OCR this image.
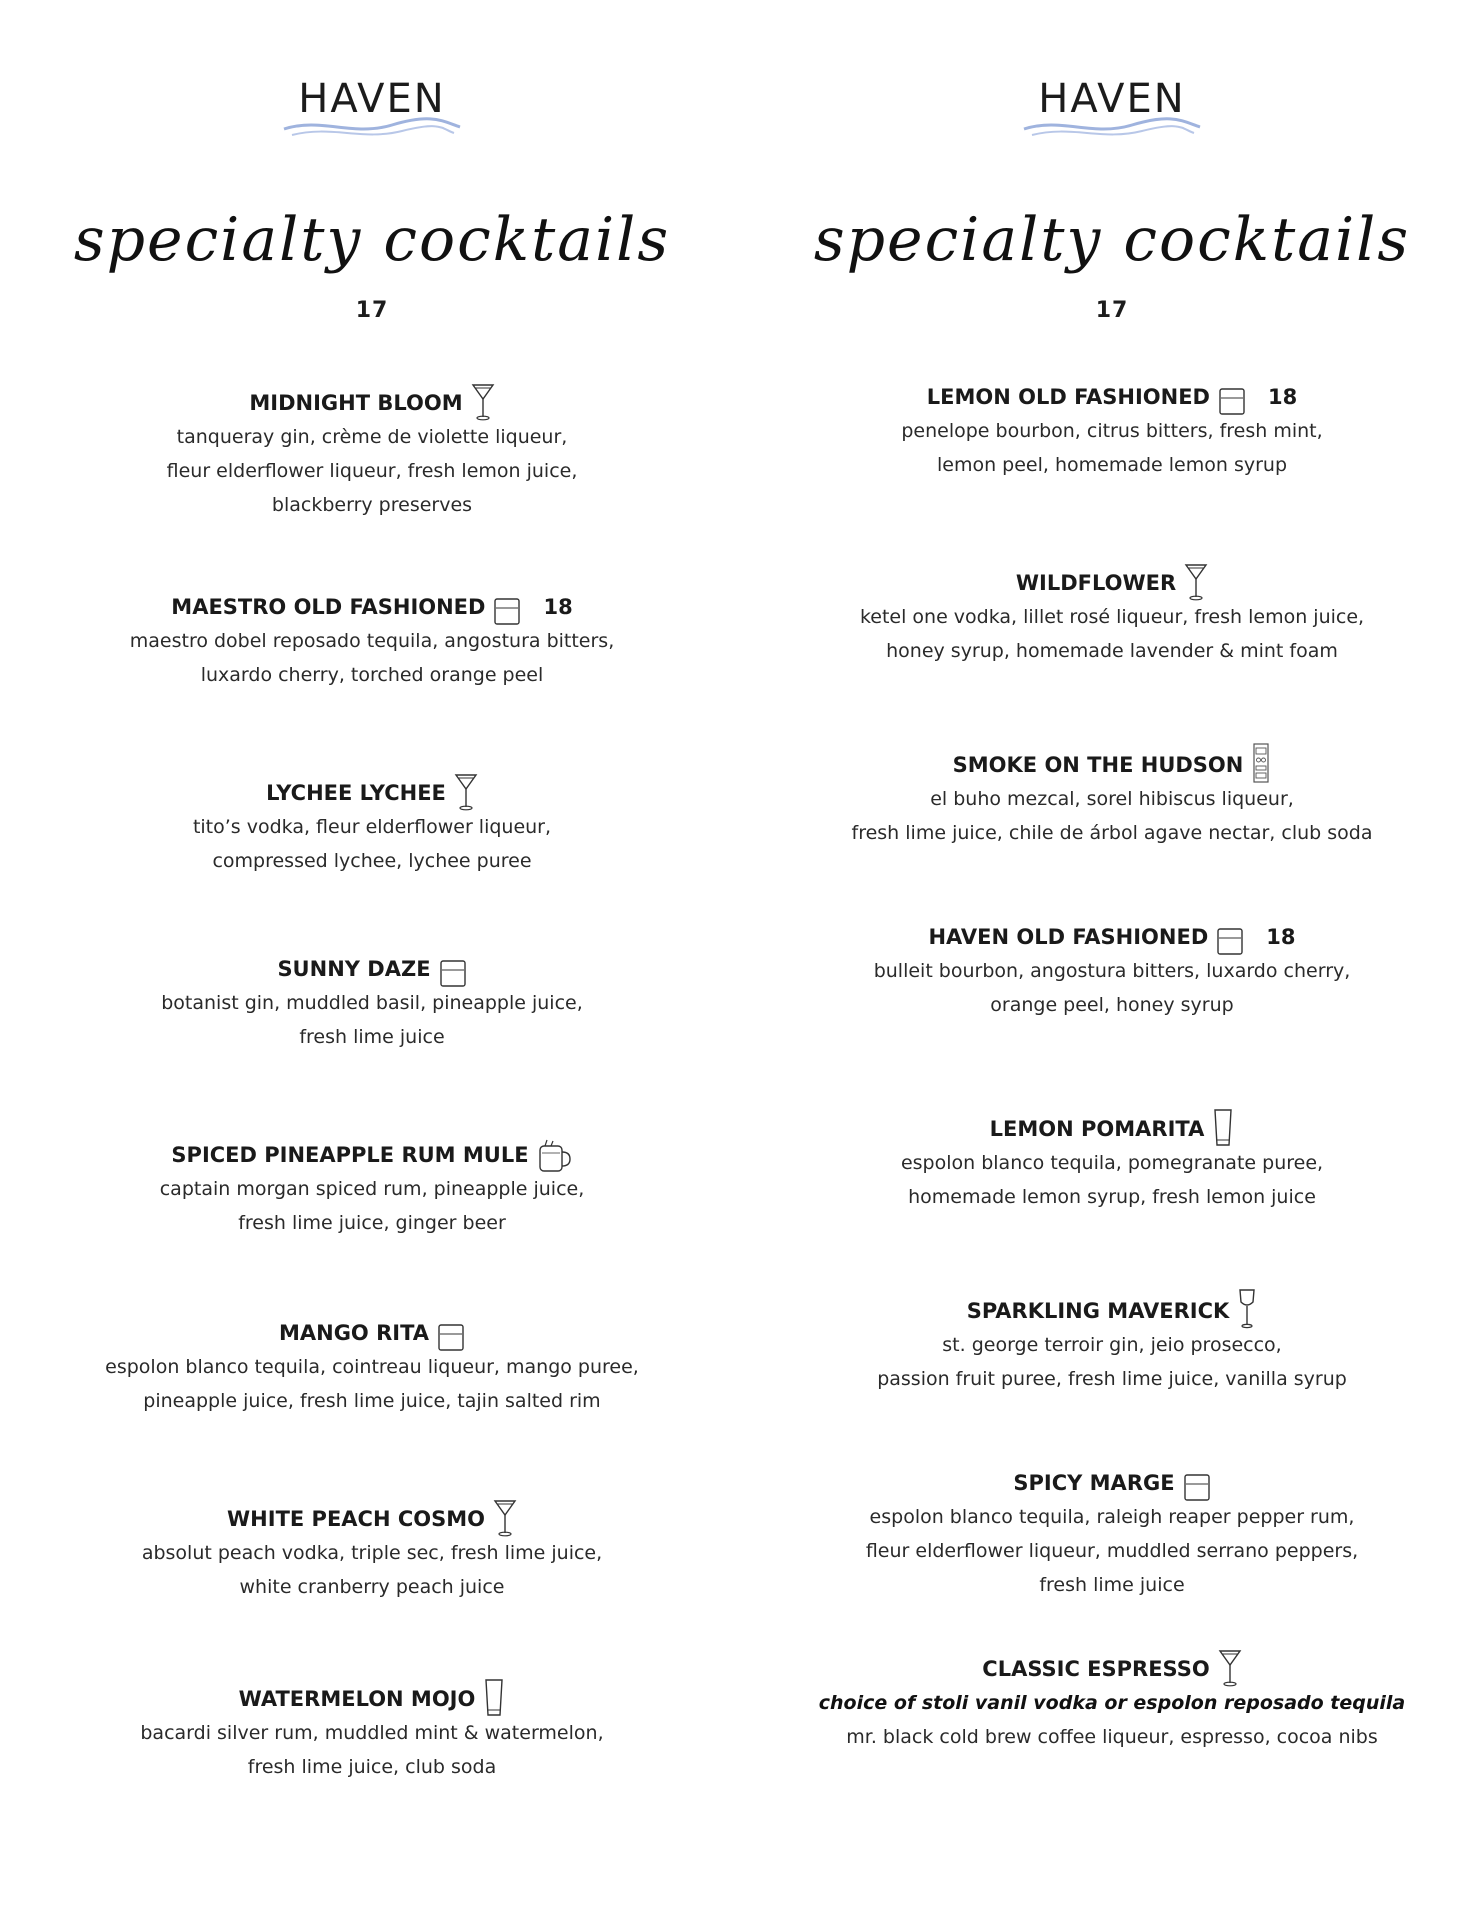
HAVEN
specialty cocktails
17
MIDNIGHT BLOOM
tanqueray gin, crème de violette liqueur,
fleur elderflower liqueur, fresh lemon juice,
blackberry preserves
MAESTRO OLD FASHIONED	18
maestro dobel reposado tequila, angostura bitters,
luxardo cherry, torched orange peel
LYCHEE LYCHEE
tito’s vodka, fleur elderflower liqueur,
compressed lychee, lychee puree
SUNNY DAZE
botanist gin, muddled basil, pineapple juice,
fresh lime juice
SPICED PINEAPPLE RUM MULE
captain morgan spiced rum, pineapple juice,
fresh lime juice, ginger beer
MANGO RITA
espolon blanco tequila, cointreau liqueur, mango puree,
pineapple juice, fresh lime juice, tajin salted rim
WHITE PEACH COSMO
absolut peach vodka, triple sec, fresh lime juice,
white cranberry peach juice
WATERMELON MOJO
bacardi silver rum, muddled mint & watermelon,
fresh lime juice, club soda
HAVEN
specialty cocktails
17
LEMON OLD FASHIONED	18
penelope bourbon, citrus bitters, fresh mint,
lemon peel, homemade lemon syrup
WILDFLOWER
ketel one vodka, lillet rosé liqueur, fresh lemon juice,
honey syrup, homemade lavender & mint foam
SMOKE ON THE HUDSON
el buho mezcal, sorel hibiscus liqueur,
fresh lime juice, chile de árbol agave nectar, club soda
HAVEN OLD FASHIONED	18
bulleit bourbon, angostura bitters, luxardo cherry,
orange peel, honey syrup
LEMON POMARITA
espolon blanco tequila, pomegranate puree,
homemade lemon syrup, fresh lemon juice
SPARKLING MAVERICK
st. george terroir gin, jeio prosecco,
passion fruit puree, fresh lime juice, vanilla syrup
SPICY MARGE
espolon blanco tequila, raleigh reaper pepper rum,
fleur elderflower liqueur, muddled serrano peppers,
fresh lime juice
CLASSIC ESPRESSO
choice of stoli vanil vodka or espolon reposado tequila
mr. black cold brew coffee liqueur, espresso, cocoa nibs
